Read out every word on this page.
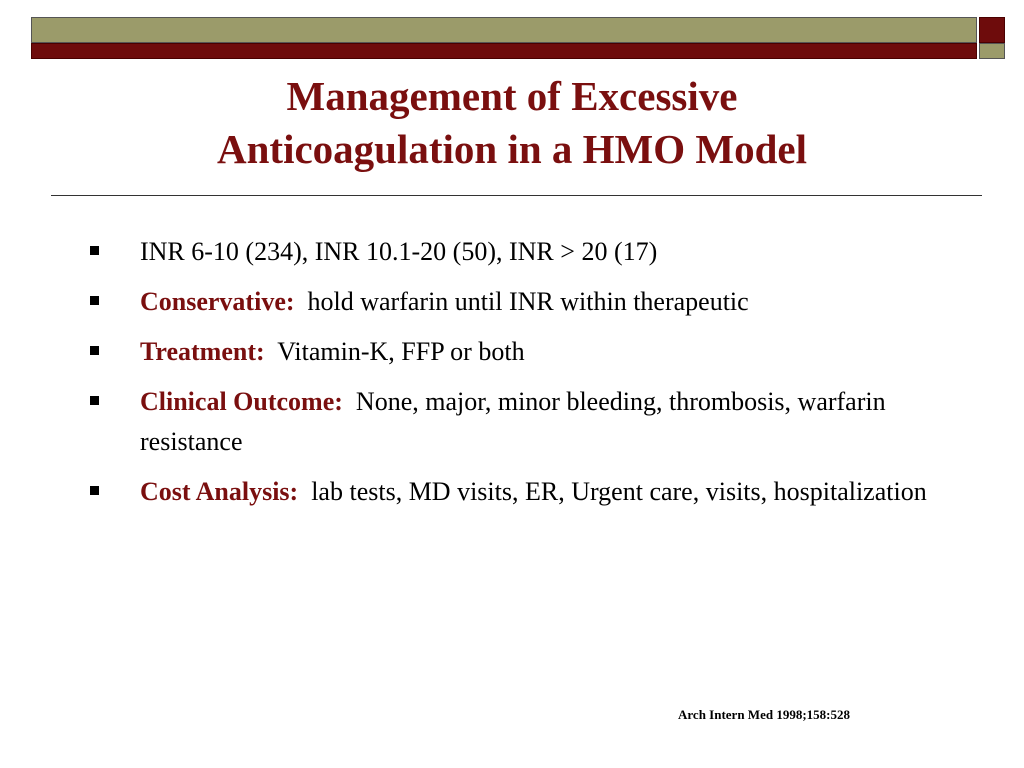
Management of Excessive
Anticoagulation in a HMO Model
INR 6-10 (234), INR 10.1-20 (50), INR > 20 (17)
Conservative: hold warfarin until INR within therapeutic
Treatment: Vitamin-K, FFP or both
Clinical Outcome: None, major, minor bleeding, thrombosis, warfarin resistance
Cost Analysis: lab tests, MD visits, ER, Urgent care, visits, hospitalization
Arch Intern Med 1998;158:528
